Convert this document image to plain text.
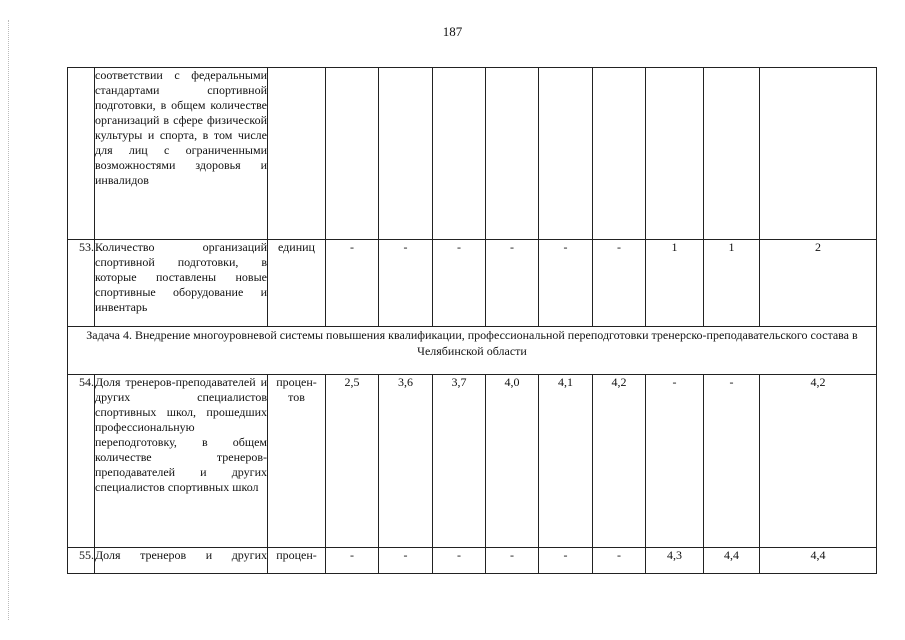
187
	соответствии с федеральными стандартами спортивной подготовки, в общем количестве организаций в сфере физической культуры и спорта, в том числе для лиц с ограниченными возможностями здоровья и инвалидов										
53.	Количество организаций спортивной подготовки, в которые поставлены новые спортивные оборудование и инвентарь	единиц	-	-	-	-	-	-	1	1	2
Задача 4. Внедрение многоуровневой системы повышения квалификации, профессиональной переподготовки тренерско-преподавательского состава в Челябинской области											
54.	Доля тренеров-преподавателей и других специалистов спортивных школ, прошедших профессиональную переподготовку, в общем количестве тренеров-преподавателей и других специалистов спортивных школ	процен-тов	2,5	3,6	3,7	4,0	4,1	4,2	-	-	4,2
55.	Доля тренеров и других	процен-	-	-	-	-	-	-	4,3	4,4	4,4
